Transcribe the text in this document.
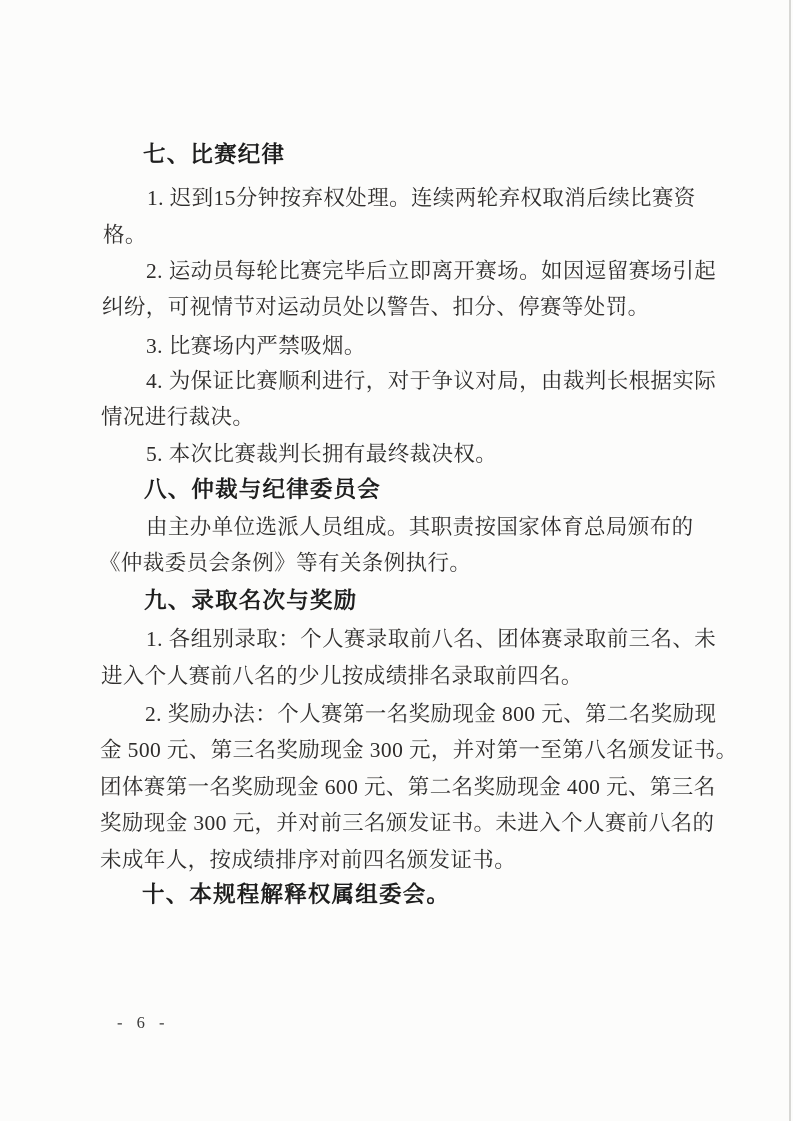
七、比赛纪律
1. 迟到15分钟按弃权处理。连续两轮弃权取消后续比赛资
格。
2. 运动员每轮比赛完毕后立即离开赛场。如因逗留赛场引起
纠纷，可视情节对运动员处以警告、扣分、停赛等处罚。
3. 比赛场内严禁吸烟。
4. 为保证比赛顺利进行，对于争议对局，由裁判长根据实际
情况进行裁决。
5. 本次比赛裁判长拥有最终裁决权。
八、仲裁与纪律委员会
由主办单位选派人员组成。其职责按国家体育总局颁布的
《仲裁委员会条例》等有关条例执行。
九、录取名次与奖励
1. 各组别录取：个人赛录取前八名、团体赛录取前三名、未
进入个人赛前八名的少儿按成绩排名录取前四名。
2. 奖励办法：个人赛第一名奖励现金 800 元、第二名奖励现
金 500 元、第三名奖励现金 300 元，并对第一至第八名颁发证书。
团体赛第一名奖励现金 600 元、第二名奖励现金 400 元、第三名
奖励现金 300 元，并对前三名颁发证书。未进入个人赛前八名的
未成年人，按成绩排序对前四名颁发证书。
十、本规程解释权属组委会。
- 6 -
